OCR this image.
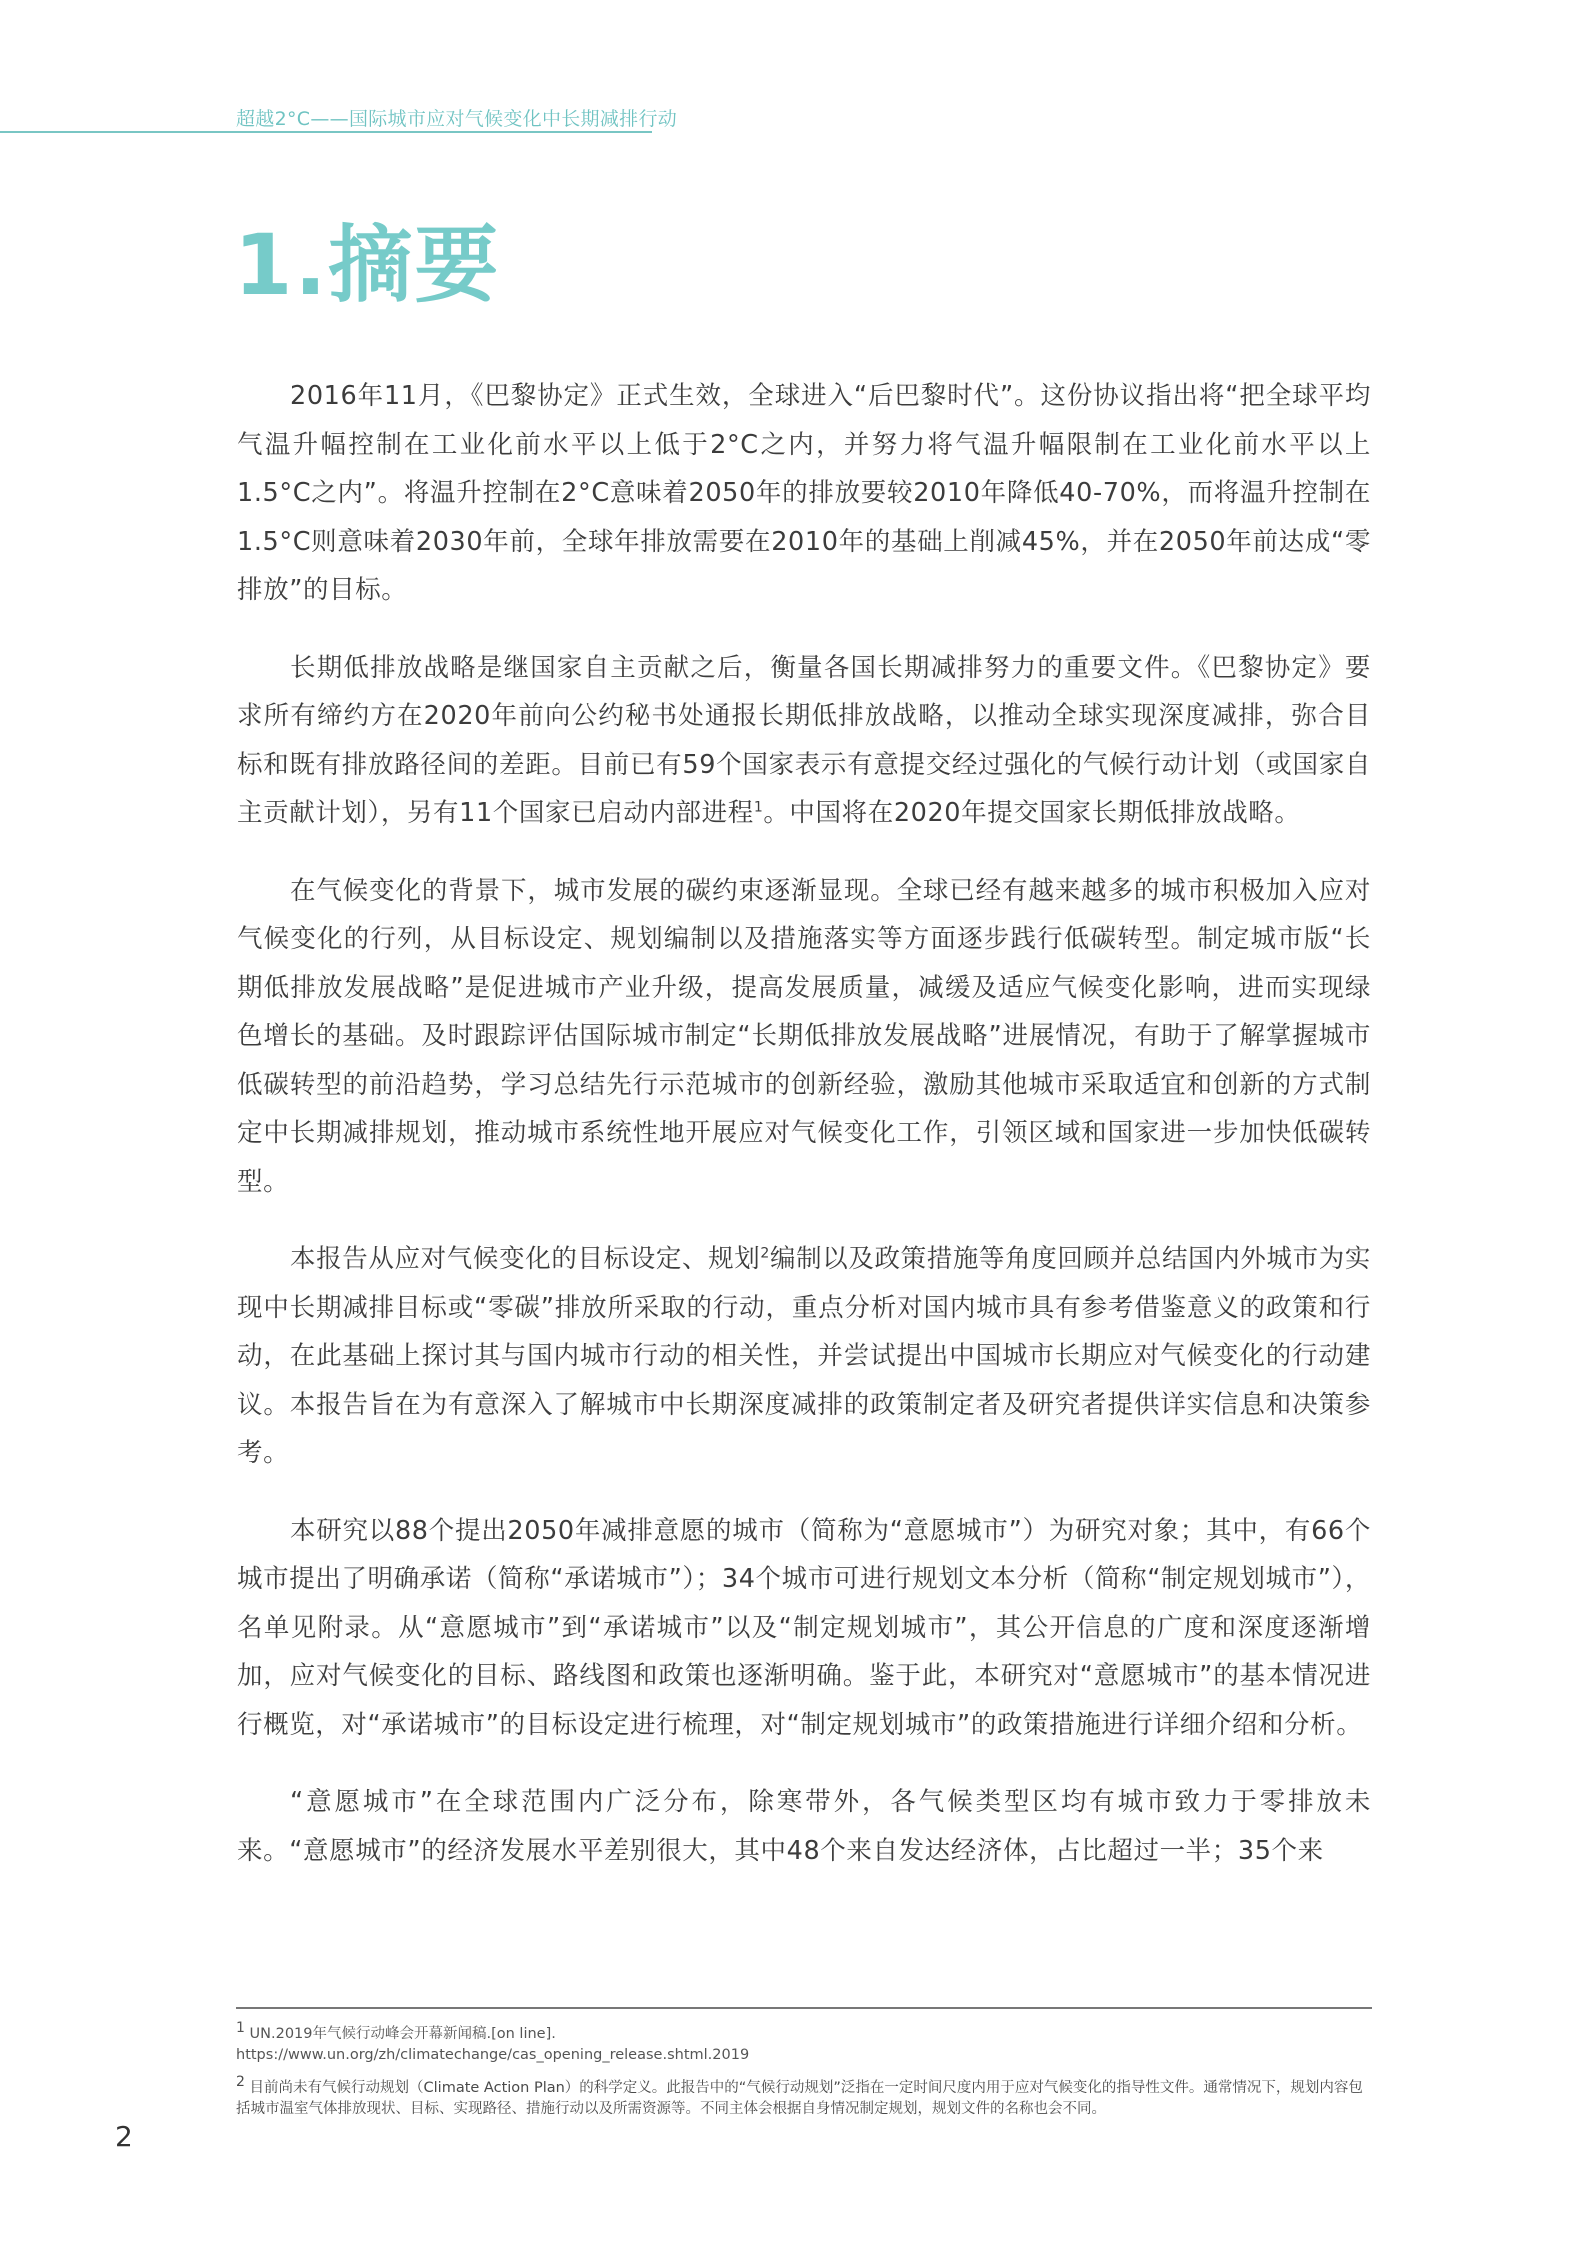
超越2°C——国际城市应对气候变化中长期减排行动
1.摘要

2016年11月，《巴黎协定》正式生效，全球进入“后巴黎时代”。这份协议指出将“把全球平均气温升幅控制在工业化前水平以上低于2°C之内，并努力将气温升幅限制在工业化前水平以上1.5°C之内”。将温升控制在2°C意味着2050年的排放要较2010年降低40-70%，而将温升控制在1.5°C则意味着2030年前，全球年排放需要在2010年的基础上削减45%，并在2050年前达成“零排放”的目标。

长期低排放战略是继国家自主贡献之后，衡量各国长期减排努力的重要文件。《巴黎协定》要求所有缔约方在2020年前向公约秘书处通报长期低排放战略，以推动全球实现深度减排，弥合目标和既有排放路径间的差距。目前已有59个国家表示有意提交经过强化的气候行动计划（或国家自主贡献计划），另有11个国家已启动内部进程$^1$。中国将在2020年提交国家长期低排放战略。

在气候变化的背景下，城市发展的碳约束逐渐显现。全球已经有越来越多的城市积极加入应对气候变化的行列，从目标设定、规划编制以及措施落实等方面逐步践行低碳转型。制定城市版“长期低排放发展战略”是促进城市产业升级，提高发展质量，减缓及适应气候变化影响，进而实现绿色增长的基础。及时跟踪评估国际城市制定“长期低排放发展战略”进展情况，有助于了解掌握城市低碳转型的前沿趋势，学习总结先行示范城市的创新经验，激励其他城市采取适宜和创新的方式制定中长期减排规划，推动城市系统性地开展应对气候变化工作，引领区域和国家进一步加快低碳转型。

本报告从应对气候变化的目标设定、规划$^2$编制以及政策措施等角度回顾并总结国内外城市为实现中长期减排目标或“零碳”排放所采取的行动，重点分析对国内城市具有参考借鉴意义的政策和行动，在此基础上探讨其与国内城市行动的相关性，并尝试提出中国城市长期应对气候变化的行动建议。本报告旨在为有意深入了解城市中长期深度减排的政策制定者及研究者提供详实信息和决策参考。

本研究以88个提出2050年减排意愿的城市（简称为“意愿城市”）为研究对象；其中，有66个城市提出了明确承诺（简称“承诺城市”）；34个城市可进行规划文本分析（简称“制定规划城市”），名单见附录。从“意愿城市”到“承诺城市”以及“制定规划城市”，其公开信息的广度和深度逐渐增加，应对气候变化的目标、路线图和政策也逐渐明确。鉴于此，本研究对“意愿城市”的基本情况进行概览，对“承诺城市”的目标设定进行梳理，对“制定规划城市”的政策措施进行详细介绍和分析。

“意愿城市”在全球范围内广泛分布，除寒带外，各气候类型区均有城市致力于零排放未来。“意愿城市”的经济发展水平差别很大，其中48个来自发达经济体，占比超过一半；35个来

$^1$ UN.2019年气候行动峰会开幕新闻稿.[on line].
https://www.un.org/zh/climatechange/cas_opening_release.shtml.2019
$^2$ 目前尚未有气候行动规划（Climate Action Plan）的科学定义。此报告中的“气候行动规划”泛指在一定时间尺度内用于应对气候变化的指导性文件。通常情况下，规划内容包括城市温室气体排放现状、目标、实现路径、措施行动以及所需资源等。不同主体会根据自身情况制定规划，规划文件的名称也会不同。
2
